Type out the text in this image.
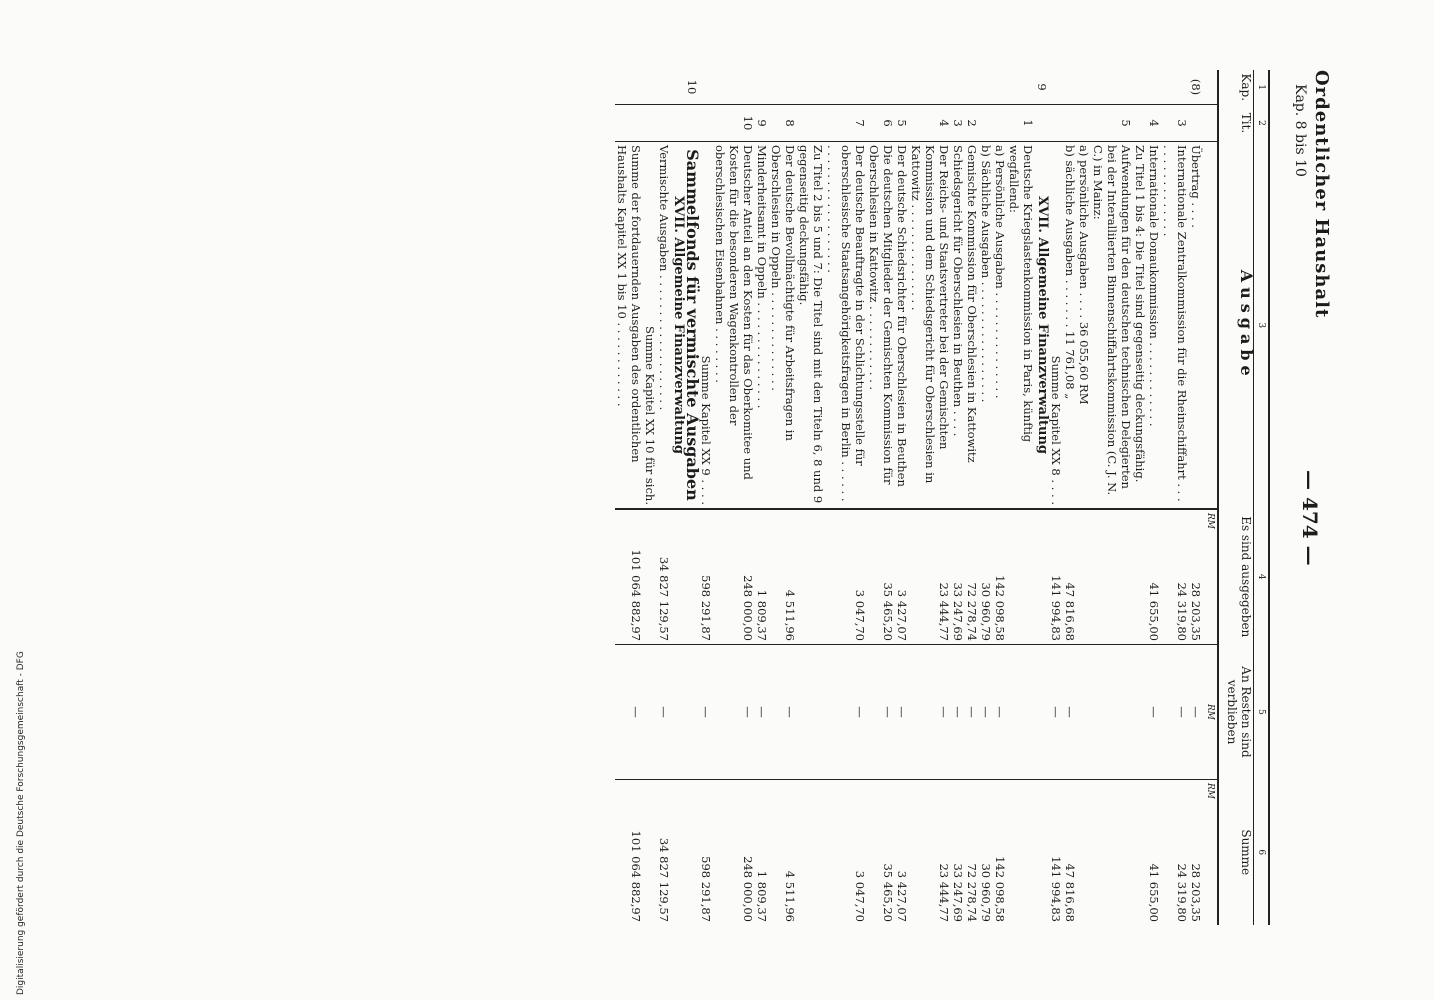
Ordentlicher Haushalt
Kap. 8 bis 10
— 474 —
1	2	3	4	5	6
Kap.	Tit.	Ausgabe	Es sind ausgegeben	An Resten sind verblieben	Summe
			RM	RM	RM
(8)		Übertrag . . . .	28 203,35	—	28 203,35
	3	Internationale Zentralkommission für die Rheinschiffahrt . . . . . . . . . . . . . . . .	24 319,80	—	24 319,80
	4	Internationale Donaukommission . . . . . . . . . . . .	41 655,00	—	41 655,00
		Zu Titel 1 bis 4: Die Titel sind gegenseitig deckungsfähig.			
	5	Aufwendungen für den deutschen technischen Delegierten bei der Interalliierten Binnenschiffahrtskommission (C. J. N. C.) in Mainz:			
		a) persönliche Ausgaben . . . . 36 055,60 RM			
		b) sächliche Ausgaben . . . . . . . 11 761,08 „	47 816,68	—	47 816,68
		Summe Kapitel XX 8 . . . .	141 994,83	—	141 994,83
9		XVII. Allgemeine Finanzverwaltung			
	1	Deutsche Kriegslastenkommission in Paris, künftig wegfallend:			
		a) Persönliche Ausgaben . . . . . . . . . . . . . . .	142 098,58	—	142 098,58
		b) Sächliche Ausgaben . . . . . . . . . . . . . . . . .	30 960,79	—	30 960,79
	2	Gemischte Kommission für Oberschlesien in Kattowitz	72 278,74	—	72 278,74
	3	Schiedsgericht für Oberschlesien in Beuthen . . . .	33 247,69	—	33 247,69
	4	Der Reichs- und Staatsvertreter bei der Gemischten Kommission und dem Schiedsgericht für Oberschlesien in Kattowitz . . . . . . . . . . . . . . .	23 444,77	—	23 444,77
	5	Der deutsche Schiedsrichter für Oberschlesien in Beuthen	3 427,07	—	3 427,07
	6	Die deutschen Mitglieder der Gemischten Kommission für Oberschlesien in Kattowitz . . . . . . . . . . . .	35 465,20	—	35 465,20
	7	Der deutsche Beauftragte in der Schlichtungsstelle für oberschlesische Staatsangehörigkeitsfragen in Berlin . . . . . . . . . . . . . . . . . . . . . . . .	3 047,70	—	3 047,70
		Zu Titel 2 bis 5 und 7: Die Titel sind mit den Titeln 6, 8 und 9 gegenseitig deckungsfähig.			
	8	Der deutsche Bevollmächtigte für Arbeitsfragen in Oberschlesien in Oppeln . . . . . . . . . . . . . .	4 511,96	—	4 511,96
	9	Minderheitsamt in Oppeln . . . . . . . . . . . . . . .	1 809,37	—	1 809,37
	10	Deutscher Anteil an den Kosten für das Oberkomitee und Kosten für die besonderen Wagenkontrollen der oberschlesischen Eisenbahnen . . . . . . . .	248 000,00	—	248 000,00
		Summe Kapitel XX 9 . . . .	598 291,87	—	598 291,87
10		Sammelfonds für vermischte Ausgaben			
		XVII. Allgemeine Finanzverwaltung			
		Vermischte Ausgaben . . . . . . . . . . . . . . . . . . .	34 827 129,57	—	34 827 129,57
		Summe Kapitel XX 10 für sich.			
		Summe der fortdauernden Ausgaben des ordentlichen Haushalts Kapitel XX 1 bis 10 . . . . . . . . . . . .	101 064 882,97	—	101 064 882,97
Digitalisierung gefördert durch die Deutsche Forschungsgemeinschaft - DFG
